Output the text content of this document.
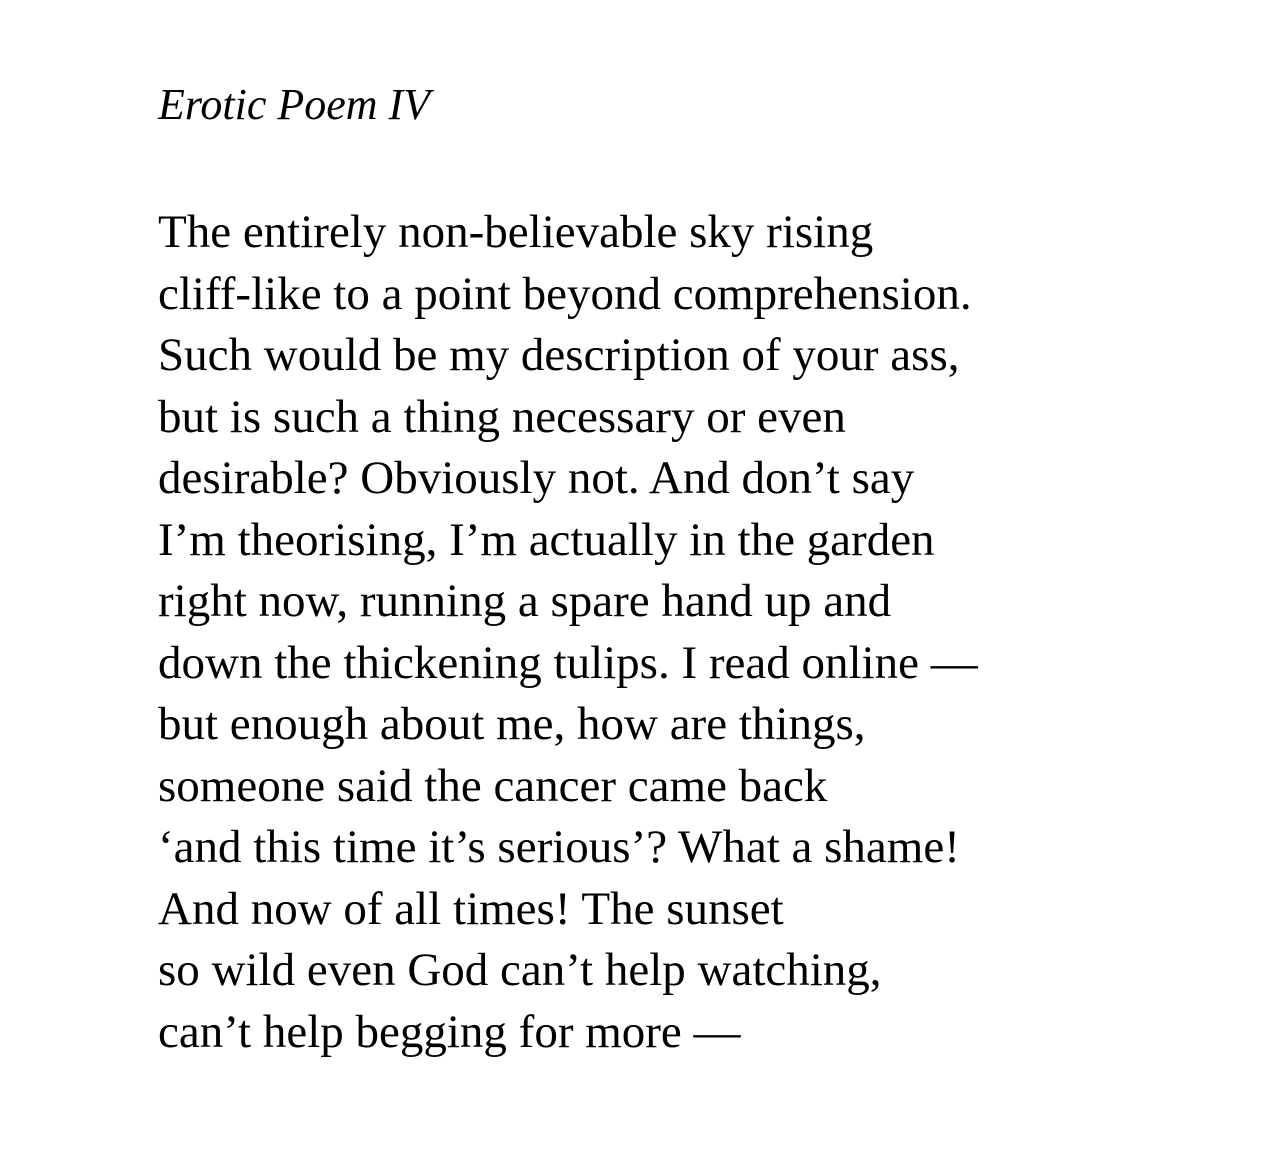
Erotic Poem IV
The entirely non-believable sky rising
cliff-like to a point beyond comprehension.
Such would be my description of your ass,
but is such a thing necessary or even
desirable? Obviously not. And don’t say
I’m theorising, I’m actually in the garden
right now, running a spare hand up and
down the thickening tulips. I read online —
but enough about me, how are things,
someone said the cancer came back
‘and this time it’s serious’? What a shame!
And now of all times! The sunset
so wild even God can’t help watching,
can’t help begging for more —
